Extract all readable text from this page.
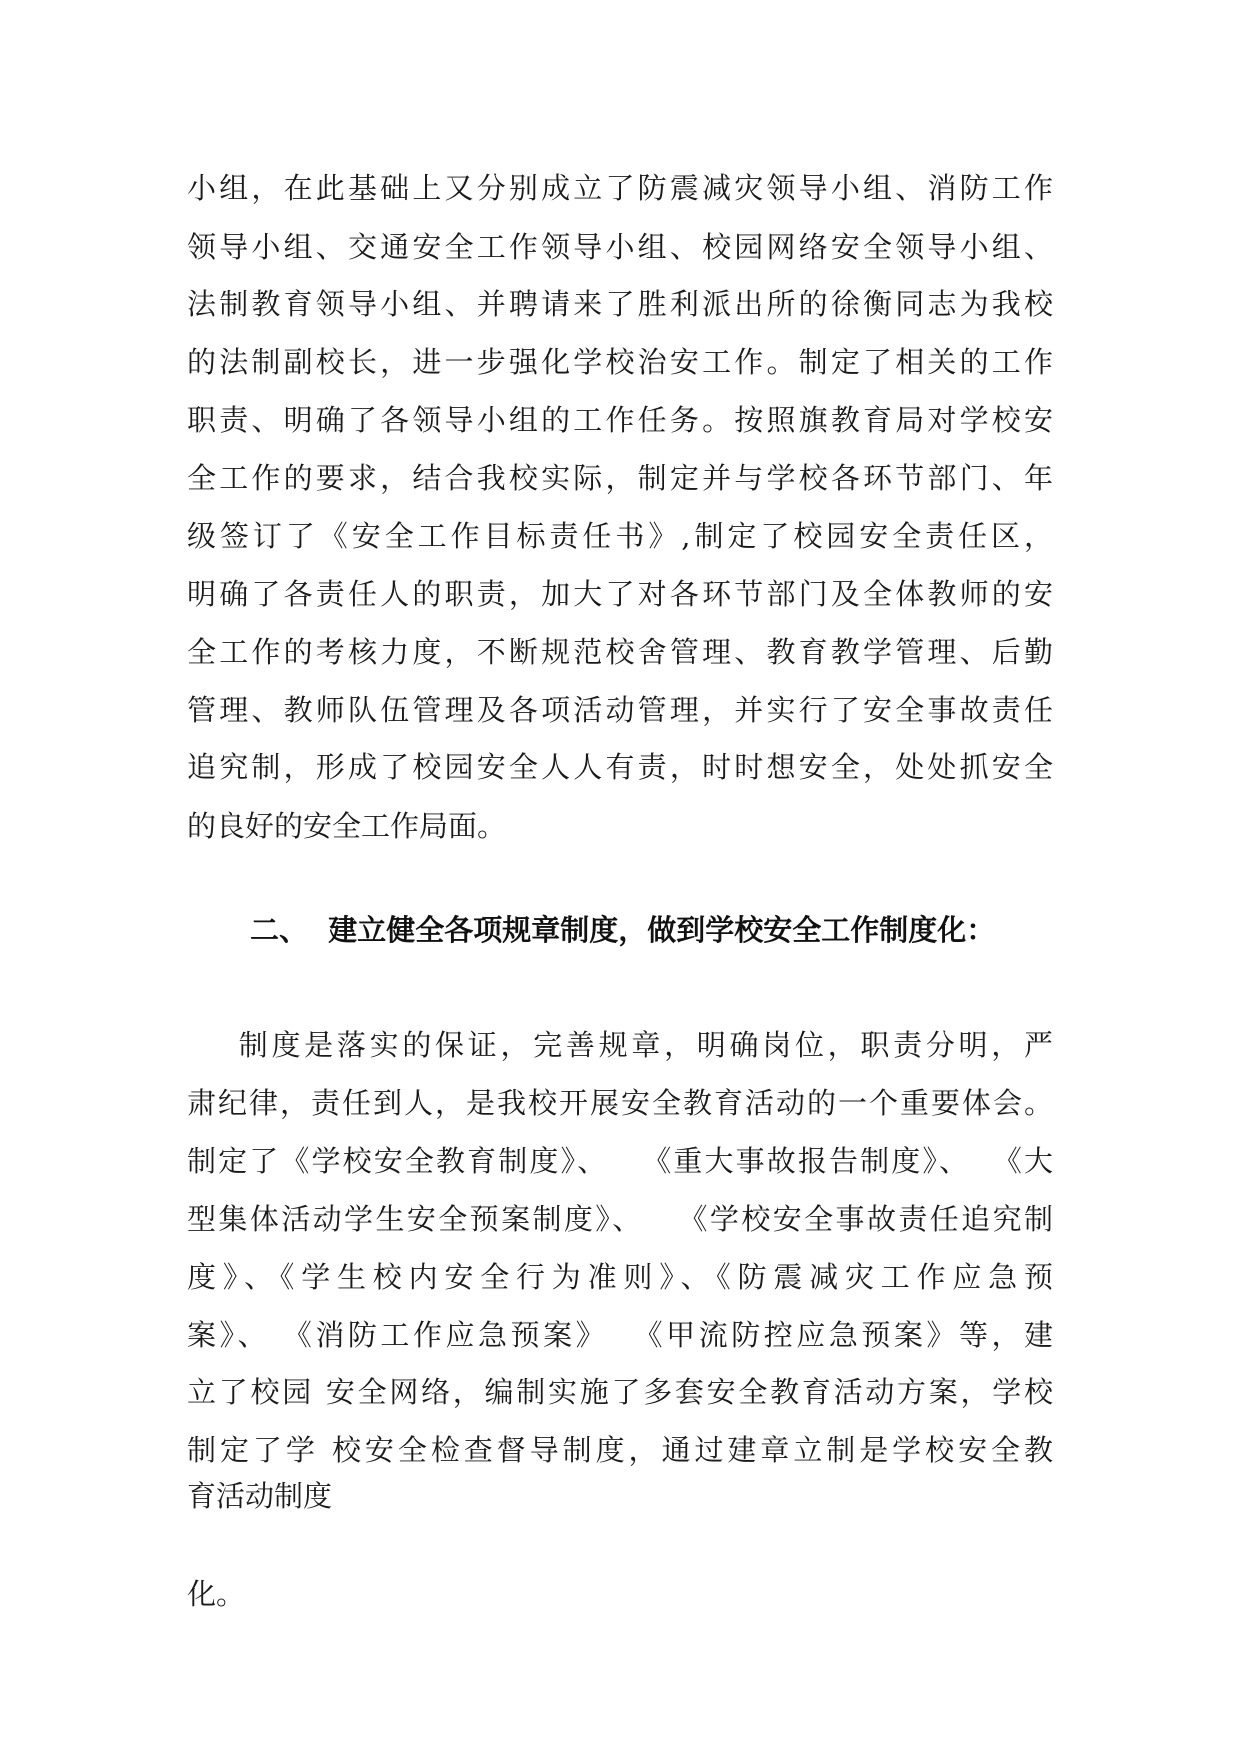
小组，在此基础上又分别成立了防震减灾领导小组、消防工作
领导小组、交通安全工作领导小组、校园网络安全领导小组、
法制教育领导小组、并聘请来了胜利派出所的徐衡同志为我校
的法制副校长，进一步强化学校治安工作。制定了相关的工作
职责、明确了各领导小组的工作任务。按照旗教育局对学校安
全工作的要求，结合我校实际，制定并与学校各环节部门、年
级签订了《安全工作目标责任书》,制定了校园安全责任区，
明确了各责任人的职责，加大了对各环节部门及全体教师的安
全工作的考核力度，不断规范校舍管理、教育教学管理、后勤
管理、教师队伍管理及各项活动管理，并实行了安全事故责任
追究制，形成了校园安全人人有责，时时想安全，处处抓安全
的良好的安全工作局面。
二、  建立健全各项规章制度，做到学校安全工作制度化：
制度是落实的保证，完善规章，明确岗位，职责分明，严
肃纪律，责任到人，是我校开展安全教育活动的一个重要体会。
制定了《学校安全教育制度》、   《重大事故报告制度》、  《大
型集体活动学生安全预案制度》、   《学校安全事故责任追究制
度》、《学生校内安全行为准则》、《防震减灾工作应急预
案》、 《消防工作应急预案》  《甲流防控应急预案》等，建
立了校园 安全网络，编制实施了多套安全教育活动方案，学校
制定了学 校安全检查督导制度，通过建章立制是学校安全教
育活动制度
化。
